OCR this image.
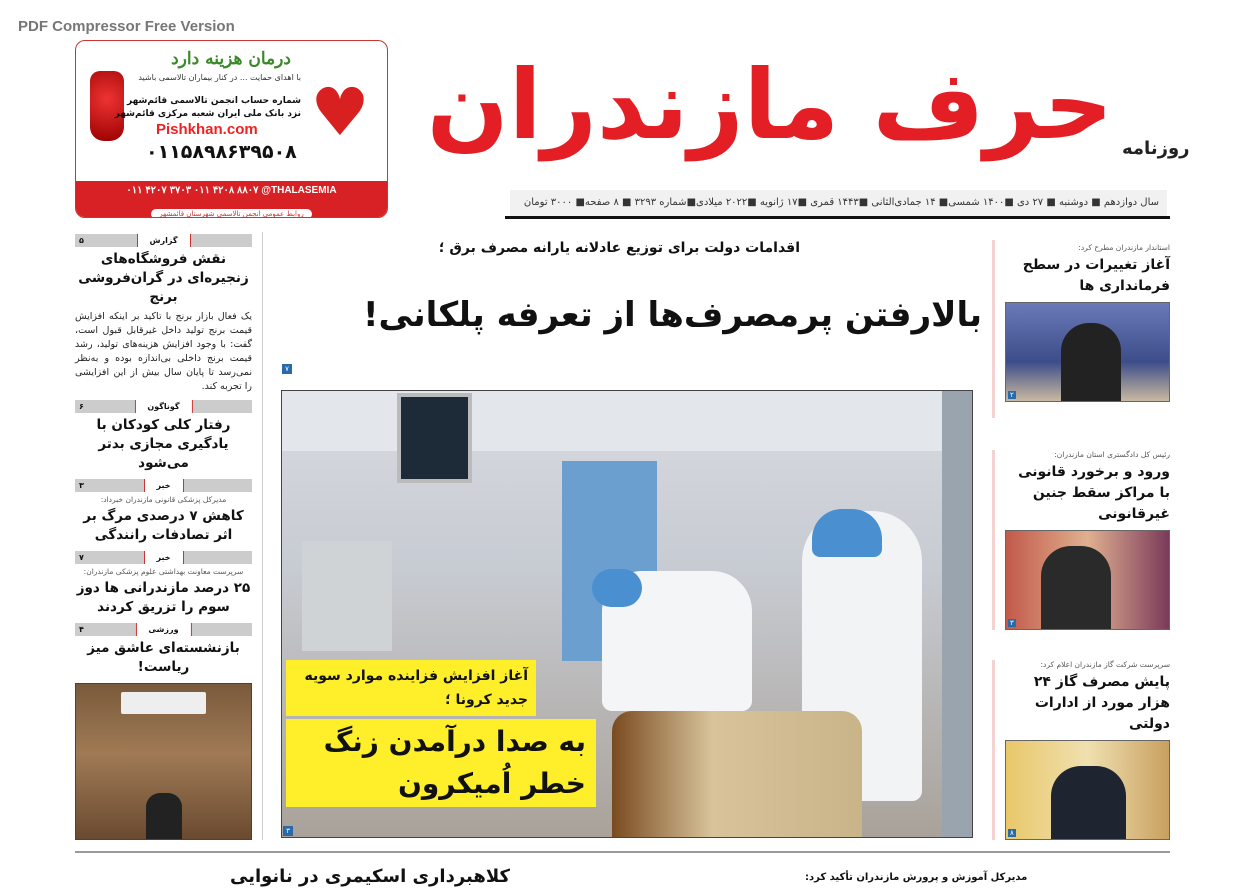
PDF Compressor Free Version
درمان هزینه دارد
با اهدای حمایت ... در کنار بیماران تالاسمی باشید
شماره حساب انجمن تالاسمی قائم‌شهر
نزد بانک ملی ایران شعبه مرکزی قائم‌شهر
Pishkhan.com
۰۱۱۵۸۹۸۶۳۹۵۰۸
♥
۰۱۱ ۴۲۰۷ ۳۷۰۳ ۰۱۱ ۴۲۰۸ ۸۸۰۷ @THALASEMIA
روابط عمومی انجمن تالاسمی شهرستان قائمشهر
حرف مازندران روزنامه
سال دوازدهم ■ دوشنبه ■ ۲۷ دی ■۱۴۰۰ شمسی■ ۱۴ جمادی‌الثانی ■۱۴۴۳ قمری ■۱۷ ژانویه ■۲۰۲۲ میلادی■شماره ۳۲۹۳ ■ ۸ صفحه■ ۳۰۰۰ تومان
گزارش
۵
نقش فروشگاه‌های زنجیره‌ای در گران‌فروشی برنج
یک فعال بازار برنج با تاکید بر اینکه افزایش قیمت برنج تولید داخل غیرقابل قبول است، گفت: با وجود افزایش هزینه‌های تولید، رشد قیمت برنج داخلی بی‌اندازه بوده و به‌نظر نمی‌رسد تا پایان سال بیش از این افزایشی را تجربه کند.
گوناگون
۶
رفتار کلی کودکان با یادگیری مجازی بدتر می‌شود
خبر
۳
مدیرکل پزشکی قانونی مازندران خبرداد:
کاهش ۷ درصدی مرگ بر اثر تصادفات رانندگی
خبر
۷
سرپرست معاونت بهداشتی علوم پزشکی مازندران:
۲۵ درصد مازندرانی ها دوز سوم را تزریق کردند
ورزشی
۴
بازنشسته‌ای عاشق میز ریاست!
اقدامات دولت برای توزیع عادلانه یارانه مصرف برق ؛
بالارفتن پرمصرف‌ها از تعرفه پلکانی!
۷
آغاز افزایش فزاینده موارد سویه جدید کرونا ؛
به صدا درآمدن زنگ خطر اُمیکرون
۳
استاندار مازندران مطرح کرد:
آغاز تغییرات در سطح فرمانداری ها
۲
رئیس کل دادگستری استان مازندران:
ورود و برخورد قانونی با مراکز سقط جنین غیرقانونی
۳
سرپرست شرکت گاز مازندران اعلام کرد:
پایش مصرف گاز ۲۴ هزار مورد از ادارات دولتی
۸
کلاهبرداری اسکیمری در نانوایی	مدیرکل آموزش و پرورش مازندران تأکید کرد:
